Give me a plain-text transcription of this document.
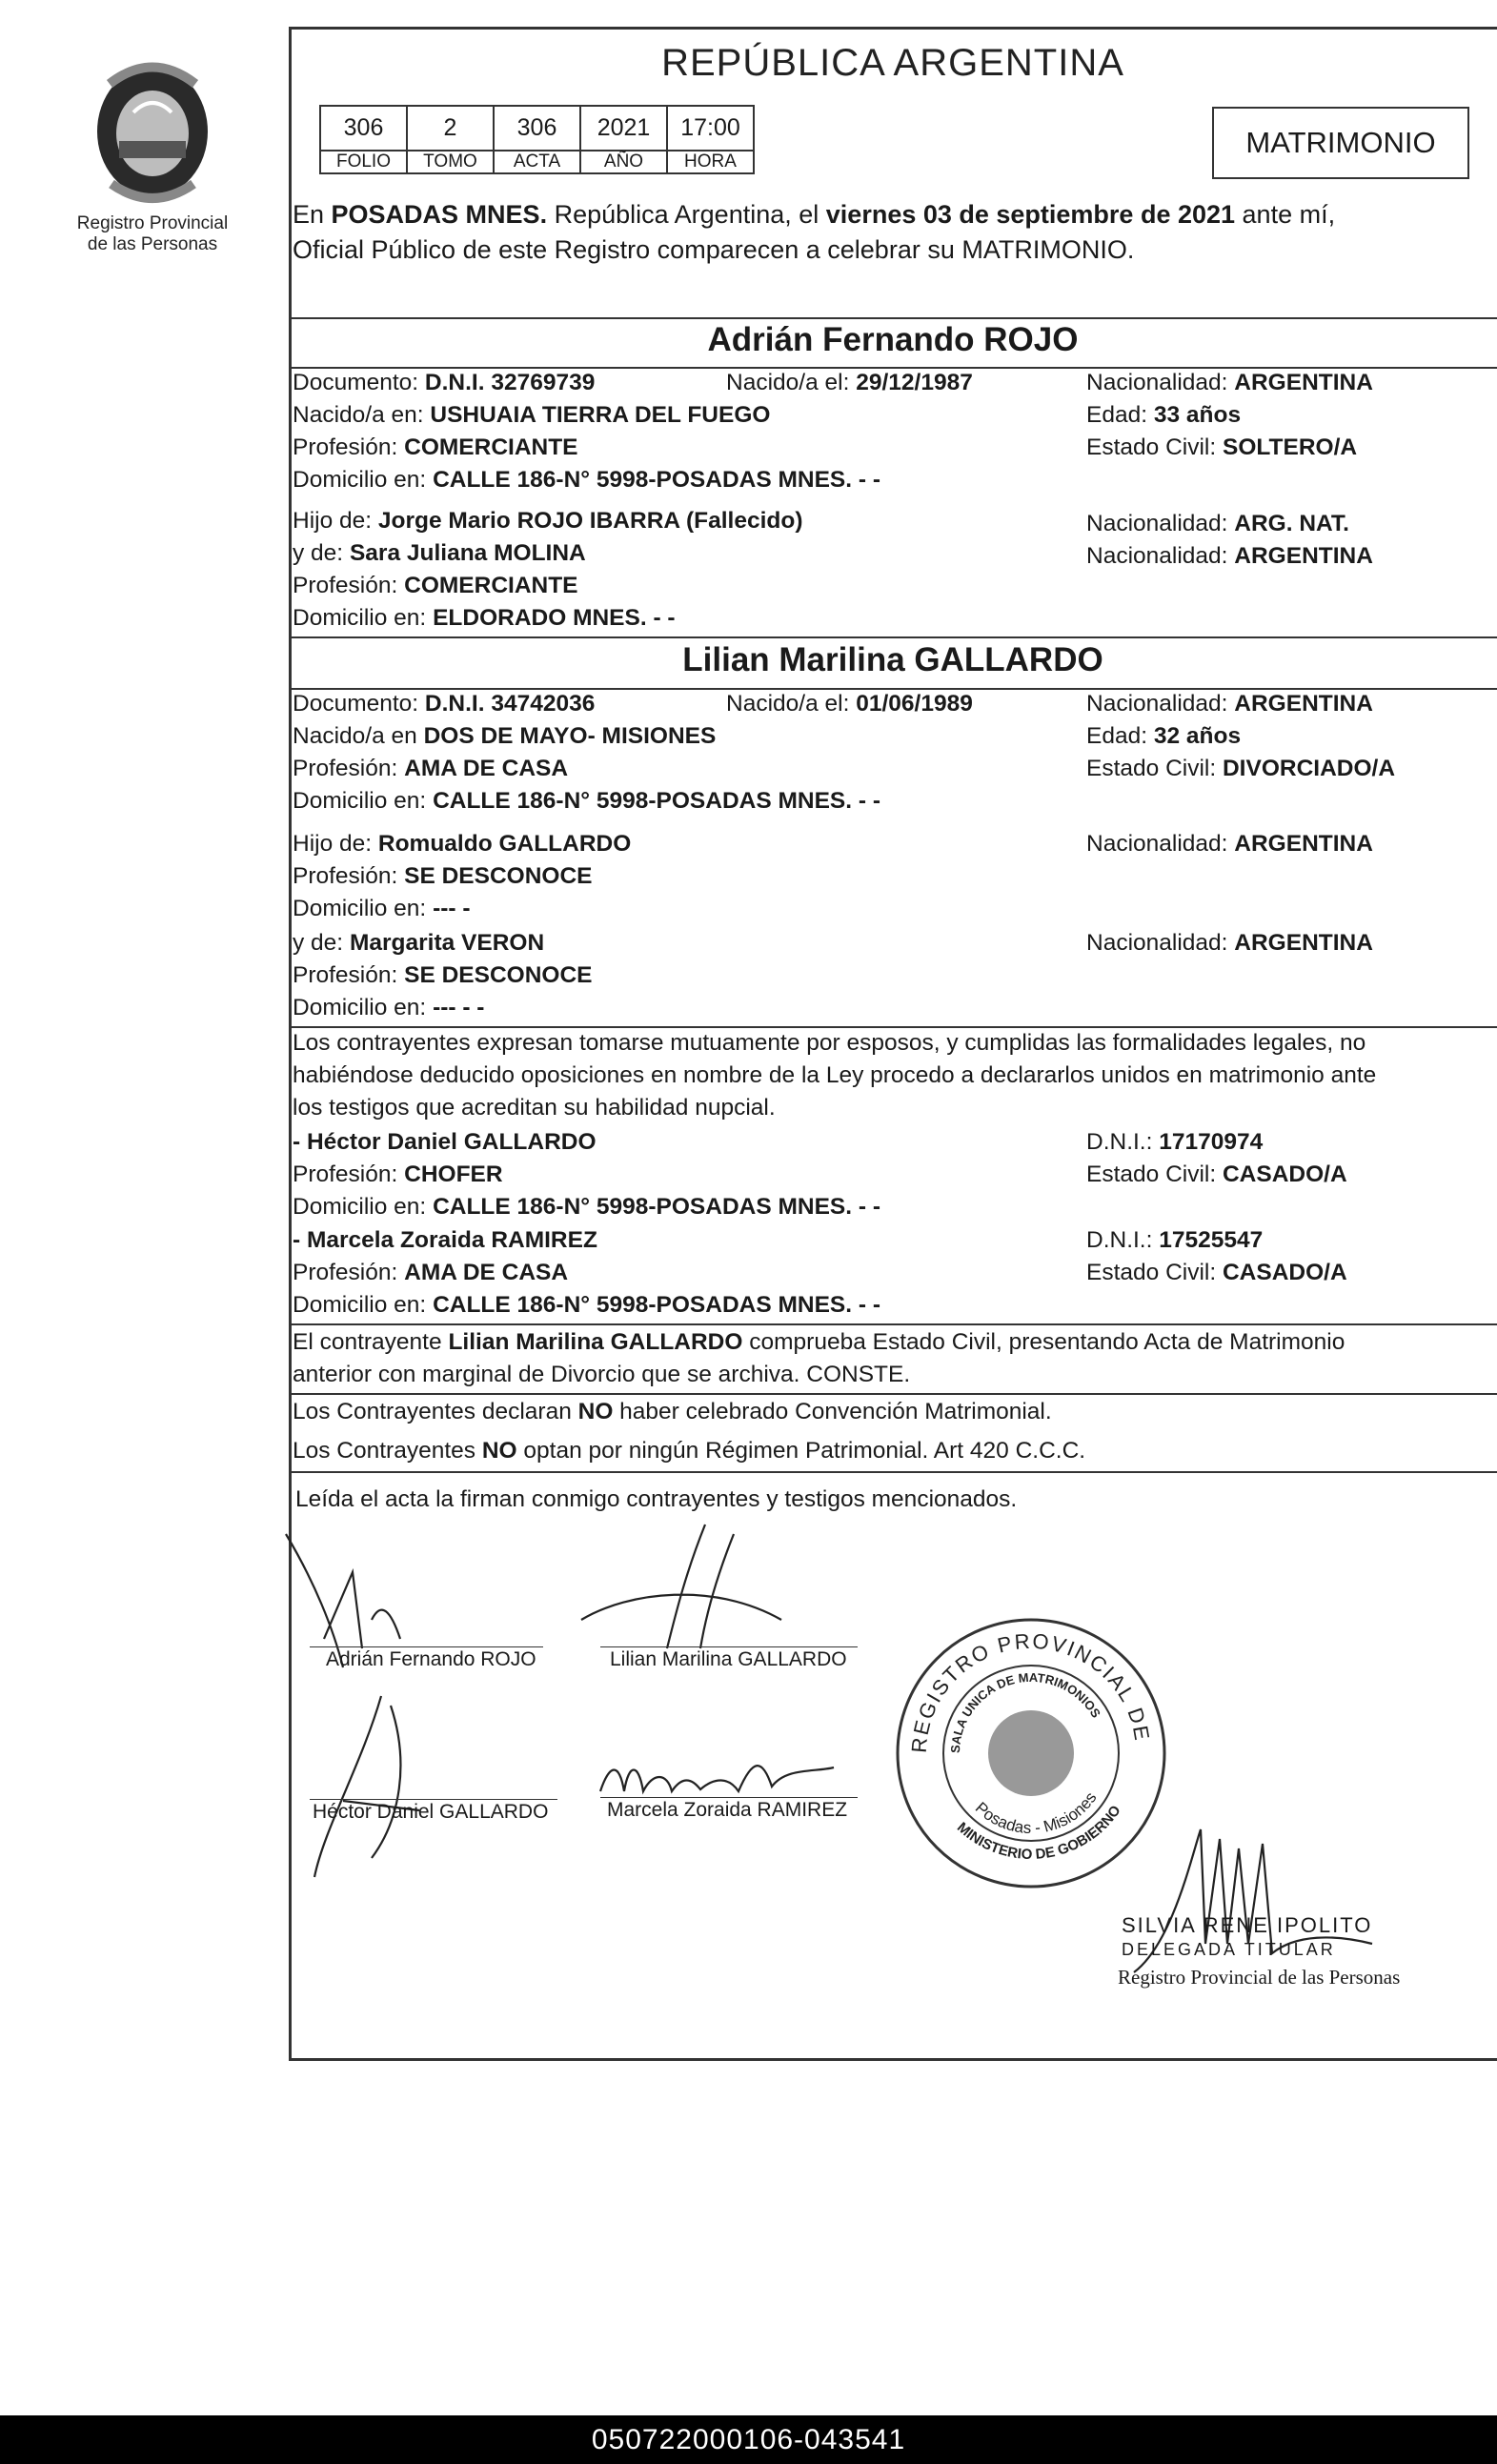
Registro Provincial
de las Personas
REPÚBLICA ARGENTINA
306	2	306	2021	17:00
FOLIO	TOMO	ACTA	AÑO	HORA
MATRIMONIO
En POSADAS MNES. República Argentina, el viernes 03 de septiembre de 2021 ante mí,
Oficial Público de este Registro comparecen a celebrar su MATRIMONIO.
Adrián Fernando ROJO
Documento: D.N.I. 32769739	Nacido/a el: 29/12/1987	Nacionalidad: ARGENTINA
Nacido/a en: USHUAIA TIERRA DEL FUEGO	Edad: 33 años
Profesión: COMERCIANTE	Estado Civil: SOLTERO/A
Domicilio en: CALLE 186-N° 5998-POSADAS MNES. - -
Hijo de: Jorge Mario ROJO IBARRA (Fallecido)	Nacionalidad: ARG. NAT.
y de: Sara Juliana MOLINA	Nacionalidad: ARGENTINA
Profesión: COMERCIANTE
Domicilio en: ELDORADO MNES. - -
Lilian Marilina GALLARDO
Documento: D.N.I. 34742036	Nacido/a el: 01/06/1989	Nacionalidad: ARGENTINA
Nacido/a en DOS DE MAYO- MISIONES	Edad: 32 años
Profesión: AMA DE CASA	Estado Civil: DIVORCIADO/A
Domicilio en: CALLE 186-N° 5998-POSADAS MNES. - -
Hijo de: Romualdo GALLARDO	Nacionalidad: ARGENTINA
Profesión: SE DESCONOCE
Domicilio en: --- -
y de: Margarita VERON	Nacionalidad: ARGENTINA
Profesión: SE DESCONOCE
Domicilio en: --- - -
Los contrayentes expresan tomarse mutuamente por esposos, y cumplidas las formalidades legales, no
habiéndose deducido oposiciones en nombre de la Ley procedo a declararlos unidos en matrimonio ante
los testigos que acreditan su habilidad nupcial.
- Héctor Daniel GALLARDO	D.N.I.: 17170974
Profesión: CHOFER	Estado Civil: CASADO/A
Domicilio en: CALLE 186-N° 5998-POSADAS MNES. - -
- Marcela Zoraida RAMIREZ	D.N.I.: 17525547
Profesión: AMA DE CASA	Estado Civil: CASADO/A
Domicilio en: CALLE 186-N° 5998-POSADAS MNES. - -
El contrayente Lilian Marilina GALLARDO comprueba Estado Civil, presentando Acta de Matrimonio
anterior con marginal de Divorcio que se archiva. CONSTE.
Los Contrayentes declaran NO haber celebrado Convención Matrimonial.
Los Contrayentes NO optan por ningún Régimen Patrimonial. Art 420 C.C.C.
Leída el acta la firman conmigo contrayentes y testigos mencionados.
Adrián Fernando ROJO	Lilian Marilina GALLARDO
Héctor Daniel GALLARDO	Marcela Zoraida RAMIREZ
REGISTRO PROVINCIAL DE
SALA UNICA DE MATRIMONIOS
Posadas - Misiones
MINISTERIO DE GOBIERNO
SILVIA RENE IPOLITO
DELEGADA TITULAR
Registro Provincial de las Personas
050722000106-043541
